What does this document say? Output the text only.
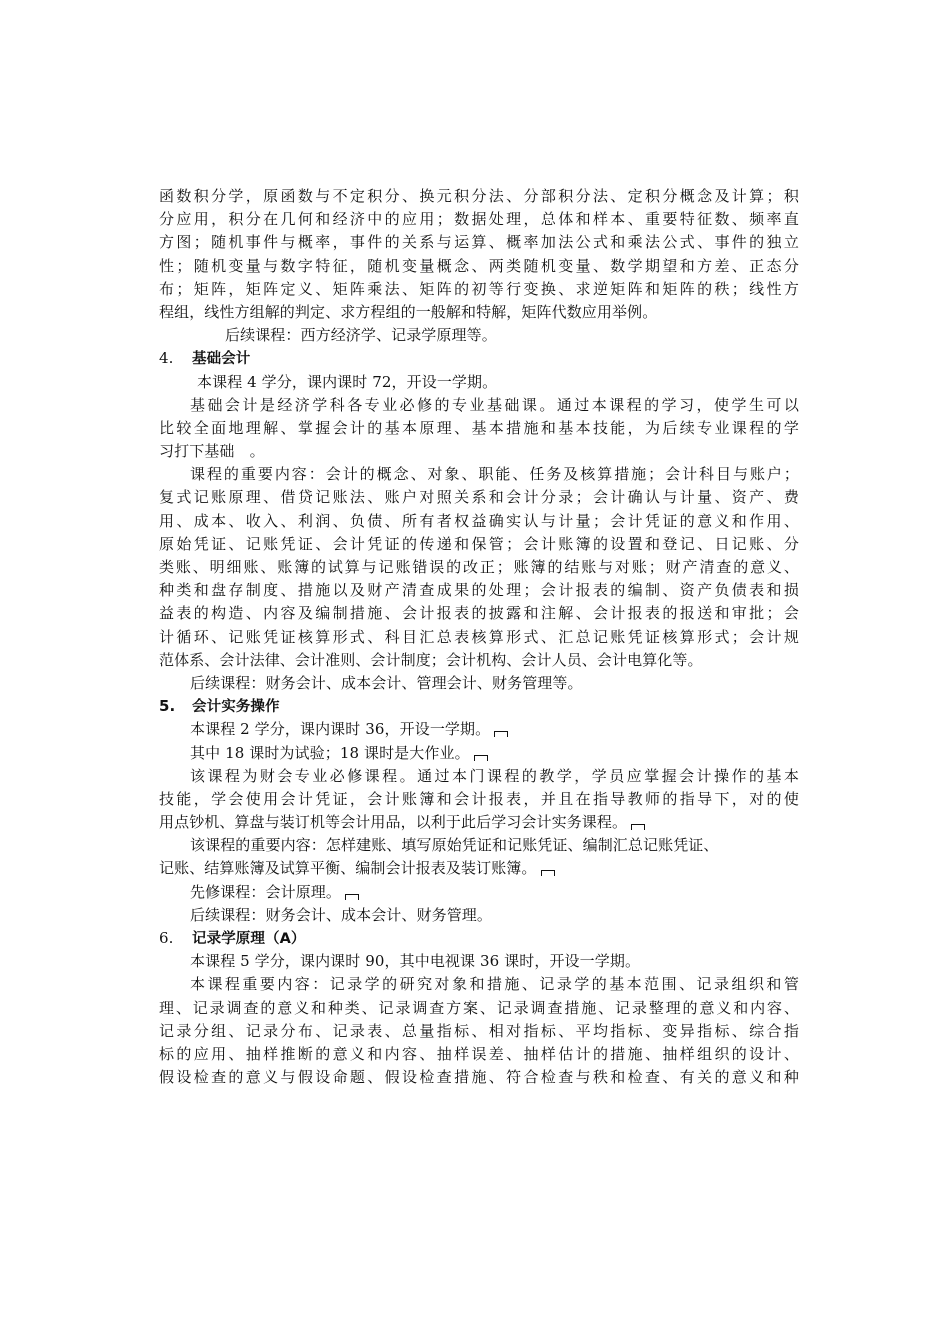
函数积分学，原函数与不定积分、换元积分法、分部积分法、定积分概念及计算；积
分应用，积分在几何和经济中的应用；数据处理，总体和样本、重要特征数、频率直
方图；随机事件与概率，事件的关系与运算、概率加法公式和乘法公式、事件的独立
性；随机变量与数字特征，随机变量概念、两类随机变量、数学期望和方差、正态分
布；矩阵，矩阵定义、矩阵乘法、矩阵的初等行变换、求逆矩阵和矩阵的秩；线性方
程组，线性方组解的判定、求方程组的一般解和特解，矩阵代数应用举例。
后续课程：西方经济学、记录学原理等。
4. 基础会计
本课程 4 学分，课内课时 72，开设一学期。
基础会计是经济学科各专业必修的专业基础课。通过本课程的学习，使学生可以
比较全面地理解、掌握会计的基本原理、基本措施和基本技能，为后续专业课程的学
习打下基础　。
课程的重要内容：会计的概念、对象、职能、任务及核算措施；会计科目与账户；
复式记账原理、借贷记账法、账户对照关系和会计分录；会计确认与计量、资产、费
用、成本、收入、利润、负债、所有者权益确实认与计量；会计凭证的意义和作用、
原始凭证、记账凭证、会计凭证的传递和保管；会计账簿的设置和登记、日记账、分
类账、明细账、账簿的试算与记账错误的改正；账簿的结账与对账；财产清查的意义、
种类和盘存制度、措施以及财产清查成果的处理；会计报表的编制、资产负债表和损
益表的构造、内容及编制措施、会计报表的披露和注解、会计报表的报送和审批；会
计循环、记账凭证核算形式、科目汇总表核算形式、汇总记账凭证核算形式；会计规
范体系、会计法律、会计准则、会计制度；会计机构、会计人员、会计电算化等。
后续课程：财务会计、成本会计、管理会计、财务管理等。
5. 会计实务操作
本课程 2 学分，课内课时 36，开设一学期。
其中 18 课时为试验；18 课时是大作业。
该课程为财会专业必修课程。通过本门课程的教学，学员应掌握会计操作的基本
技能，学会使用会计凭证，会计账簿和会计报表，并且在指导教师的指导下，对的使
用点钞机、算盘与装订机等会计用品，以利于此后学习会计实务课程。
该课程的重要内容：怎样建账、填写原始凭证和记账凭证、编制汇总记账凭证、
记账、结算账簿及试算平衡、编制会计报表及装订账簿。
先修课程：会计原理。
后续课程：财务会计、成本会计、财务管理。
6. 记录学原理（A）
本课程 5 学分，课内课时 90，其中电视课 36 课时，开设一学期。
本课程重要内容：记录学的研究对象和措施、记录学的基本范围、记录组织和管
理、记录调查的意义和种类、记录调查方案、记录调查措施、记录整理的意义和内容、
记录分组、记录分布、记录表、总量指标、相对指标、平均指标、变异指标、综合指
标的应用、抽样推断的意义和内容、抽样误差、抽样估计的措施、抽样组织的设计、
假设检查的意义与假设命题、假设检查措施、符合检查与秩和检查、有关的意义和种
